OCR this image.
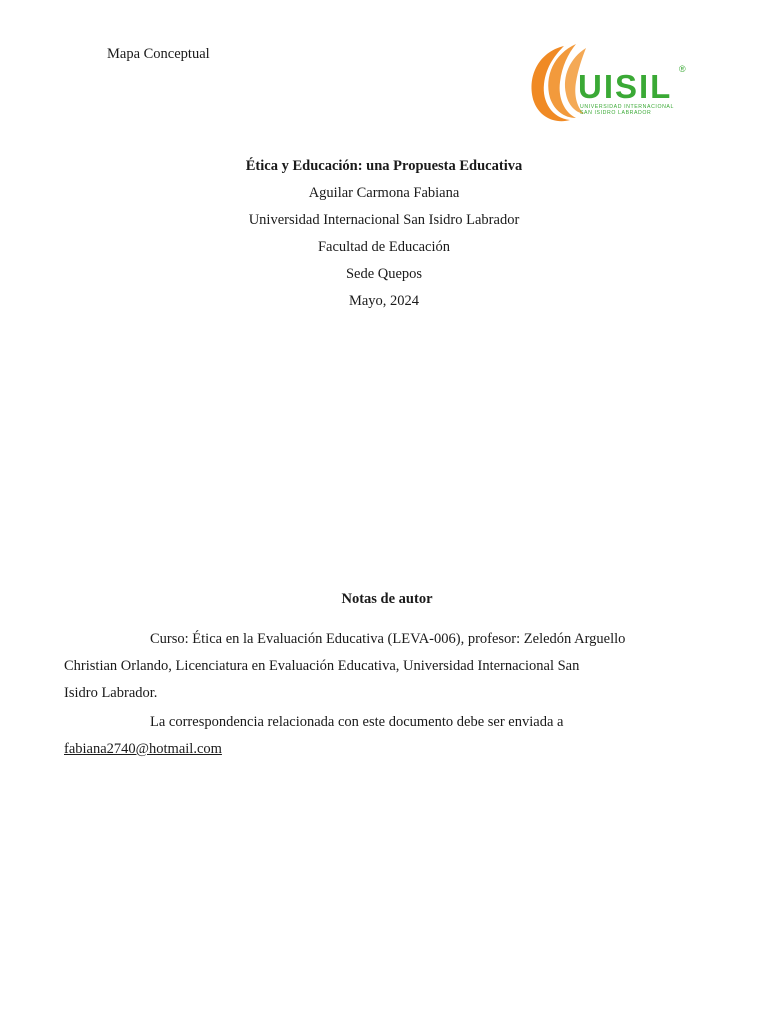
Mapa Conceptual
UISIL ®
UNIVERSIDAD INTERNACIONAL
SAN ISIDRO LABRADOR
Ética y Educación: una Propuesta Educativa
Aguilar Carmona Fabiana
Universidad Internacional San Isidro Labrador
Facultad de Educación
Sede Quepos
Mayo, 2024
Notas de autor

Curso: Ética en la Evaluación Educativa (LEVA-006), profesor: Zeledón Arguello
Christian Orlando, Licenciatura en Evaluación Educativa, Universidad Internacional San
Isidro Labrador.

La correspondencia relacionada con este documento debe ser enviada a
fabiana2740@hotmail.com
